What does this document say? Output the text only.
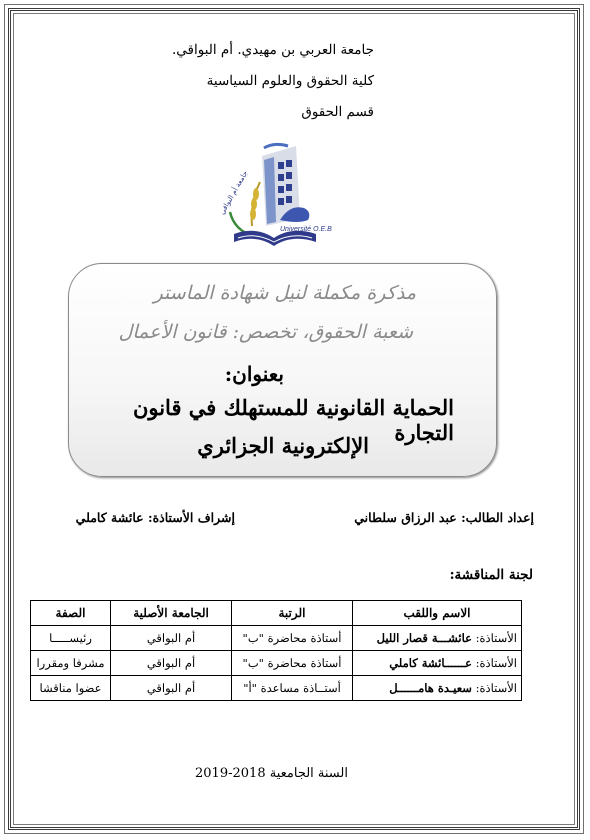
جامعة العربي بن مهيدي. أم البواقي.
كلية الحقوق والعلوم السياسية
قسم الحقوق
جامعة أم البواقي
Université O.E.B
مذكرة مكملة لنيل شهادة الماستر
شعبة الحقوق، تخصص: قانون الأعمال
بعنوان:
الحماية القانونية للمستهلك في قانون التجارة
الإلكترونية الجزائري
إعداد الطالب: عبد الرزاق سلطاني
إشراف الأستاذة: عائشة كاملي
لجنة المناقشة:
الاسم واللقب	الرتبة	الجامعة الأصلية	الصفة
الأستاذة: عائشـــة قصار الليل	أستاذة محاضرة "ب"	أم البواقي	رئيســـــا
الأستاذة: عــــــائشة كاملي	أستاذة محاضرة "ب"	أم البواقي	مشرفا ومقررا
الأستاذة: سعيـدة هامــــــل	أستــاذة مساعدة "أ"	أم البواقي	عضوا مناقشا
السنة الجامعية 2018-2019
